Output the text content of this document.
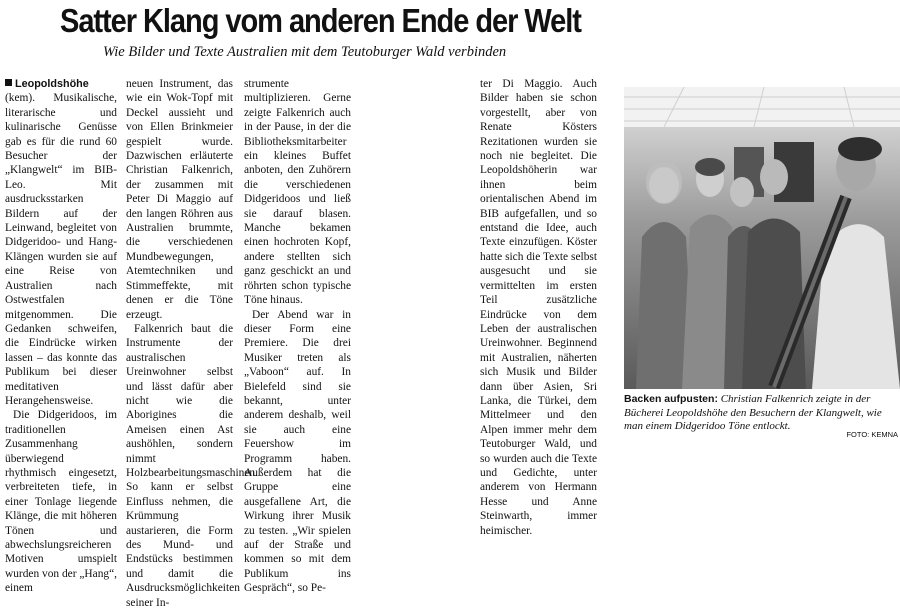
Satter Klang vom anderen Ende der Welt
Wie Bilder und Texte Australien mit dem Teutoburger Wald verbinden

Leopoldshöhe (kem). Musikalische, literarische und kulinarische Genüsse gab es für die rund 60 Besucher der „Klangwelt“ im BIB-Leo. Mit ausdrucksstarken Bildern auf der Leinwand, begleitet von Didgeridoo- und Hang-Klängen wurden sie auf eine Reise von Australien nach Ostwestfalen mitgenommen. Die Gedanken schweifen, die Eindrücke wirken lassen – das konnte das Publikum bei dieser meditativen Herangehensweise.

Die Didgeridoos, im traditionellen Zusammenhang überwiegend rhythmisch eingesetzt, verbreiteten tiefe, in einer Tonlage liegende Klänge, die mit höheren Tönen und abwechslungsreicheren Motiven umspielt wurden von der „Hang“, einem

neuen Instrument, das wie ein Wok-Topf mit Deckel aussieht und von Ellen Brinkmeier gespielt wurde. Dazwischen erläuterte Christian Falkenrich, der zusammen mit Peter Di Maggio auf den langen Röhren aus Australien brummte, die verschiedenen Mundbewegungen, Atemtechniken und Stimmeffekte, mit denen er die Töne erzeugt.

Falkenrich baut die Instrumente der australischen Ureinwohner selbst und lässt dafür aber nicht wie die Aborigines die Ameisen einen Ast aushöhlen, sondern nimmt Holzbearbeitungsmaschinen. So kann er selbst Einfluss nehmen, die Krümmung austarieren, die Form des Mund- und Endstücks bestimmen und damit die Ausdrucksmöglichkeiten seiner In-

strumente multiplizieren. Gerne zeigte Falkenrich auch in der Pause, in der die Bibliotheksmitarbeiter ein kleines Buffet anboten, den Zuhörern die verschiedenen Didgeridoos und ließ sie darauf blasen. Manche bekamen einen hochroten Kopf, andere stellten sich ganz geschickt an und röhrten schon typische Töne hinaus.

Der Abend war in dieser Form eine Premiere. Die drei Musiker treten als „Vaboon“ auf. In Bielefeld sind sie bekannt, unter anderem deshalb, weil sie auch eine Feuershow im Programm haben. Außerdem hat die Gruppe eine ausgefallene Art, die Wirkung ihrer Musik zu testen. „Wir spielen auf der Straße und kommen so mit dem Publikum ins Gespräch“, so Pe-

ter Di Maggio. Auch Bilder haben sie schon vorgestellt, aber von Renate Kösters Rezitationen wurden sie noch nie begleitet. Die Leopoldshöherin war ihnen beim orientalischen Abend im BIB aufgefallen, und so entstand die Idee, auch Texte einzufügen. Köster hatte sich die Texte selbst ausgesucht und sie vermittelten im ersten Teil zusätzliche Eindrücke von dem Leben der australischen Ureinwohner. Beginnend mit Australien, näherten sich Musik und Bilder dann über Asien, Sri Lanka, die Türkei, dem Mittelmeer und den Alpen immer mehr dem Teutoburger Wald, und so wurden auch die Texte und Gedichte, unter anderem von Hermann Hesse und Anne Steinwarth, immer heimischer.

Backen aufpusten: Christian Falkenrich zeigte in der Bücherei Leopoldshöhe den Besuchern der Klangwelt, wie man einem Didgeridoo Töne entlockt.
FOTO: KEMNA
